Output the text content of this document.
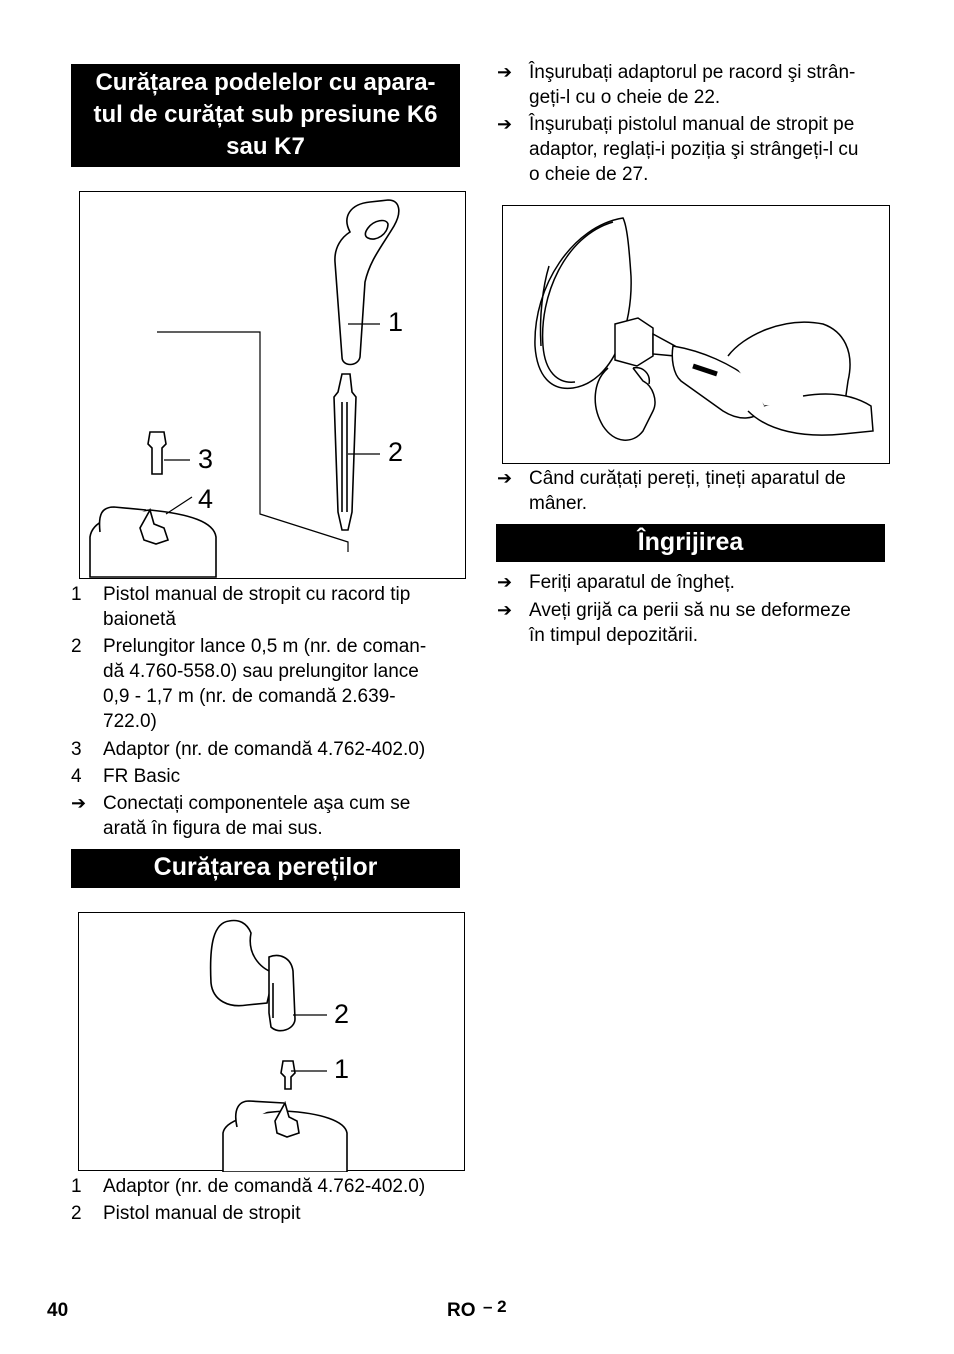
Curățarea podelelor cu apara-
tul de curățat sub presiune K6
sau K7
1
2
3
4
1 Pistol manual de stropit cu racord tip
baionetă
2 Prelungitor lance 0,5 m (nr. de coman-
dă 4.760-558.0) sau prelungitor lance
0,9 - 1,7 m (nr. de comandă 2.639-
722.0)
3 Adaptor (nr. de comandă 4.762-402.0)
4 FR Basic
➔ Conectați componentele aşa cum se
arată în figura de mai sus.
Curățarea pereților
2
1
1 Adaptor (nr. de comandă 4.762-402.0)
2 Pistol manual de stropit
➔ Înşurubați adaptorul pe racord şi strân-
geți-l cu o cheie de 22.
➔ Înşurubați pistolul manual de stropit pe
adaptor, reglați-i poziția şi strângeți-l cu
o cheie de 27.
➔ Când curățați pereți, țineți aparatul de
mâner.
Îngrijirea
➔ Feriți aparatul de îngheț.
➔ Aveți grijă ca perii să nu se deformeze
în timpul depozitării.
40	RO – 2
